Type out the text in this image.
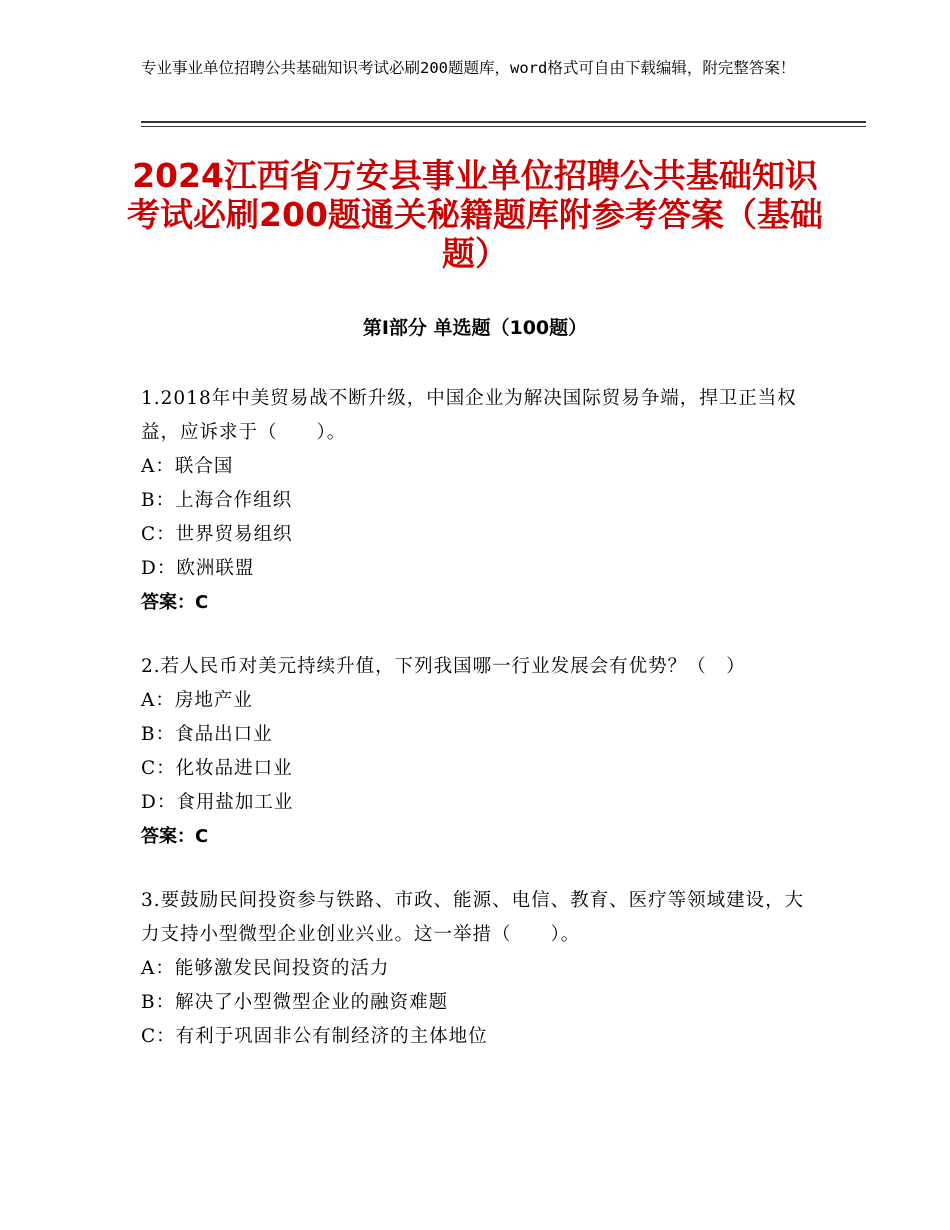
专业事业单位招聘公共基础知识考试必刷200题题库，word格式可自由下载编辑，附完整答案！
2024江西省万安县事业单位招聘公共基础知识考试必刷200题通关秘籍题库附参考答案（基础题）
第Ⅰ部分 单选题（100题）
1.2018年中美贸易战不断升级，中国企业为解决国际贸易争端，捍卫正当权益，应诉求于（　　）。
A：联合国
B：上海合作组织
C：世界贸易组织
D：欧洲联盟
答案：C
2.若人民币对美元持续升值，下列我国哪一行业发展会有优势？（　）
A：房地产业
B：食品出口业
C：化妆品进口业
D：食用盐加工业
答案：C
3.要鼓励民间投资参与铁路、市政、能源、电信、教育、医疗等领域建设，大力支持小型微型企业创业兴业。这一举措（　　）。
A：能够激发民间投资的活力
B：解决了小型微型企业的融资难题
C：有利于巩固非公有制经济的主体地位
